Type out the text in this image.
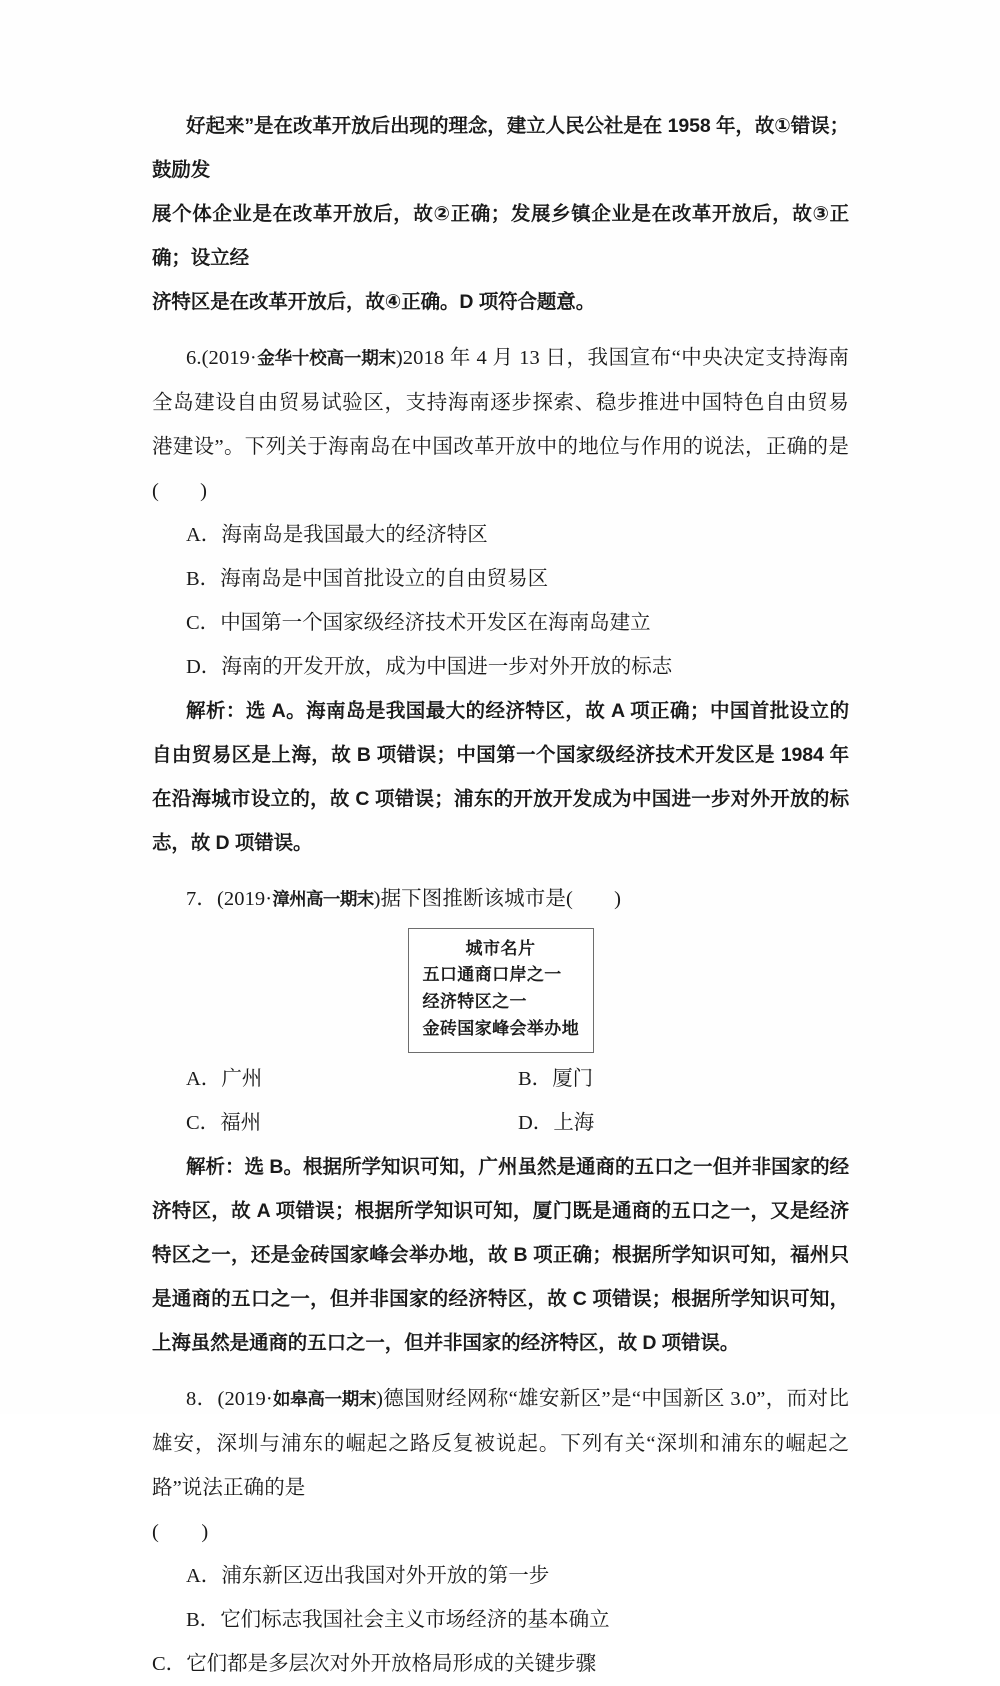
好起来”是在改革开放后出现的理念，建立人民公社是在 1958 年，故①错误；鼓励发

展个体企业是在改革开放后，故②正确；发展乡镇企业是在改革开放后，故③正确；设立经

济特区是在改革开放后，故④正确。D 项符合题意。

6.(2019·金华十校高一期末)2018 年 4 月 13 日，我国宣布“中央决定支持海南全岛建设自由贸易试验区，支持海南逐步探索、稳步推进中国特色自由贸易港建设”。下列关于海南岛在中国改革开放中的地位与作用的说法，正确的是(　　)

A．海南岛是我国最大的经济特区

B．海南岛是中国首批设立的自由贸易区

C．中国第一个国家级经济技术开发区在海南岛建立

D．海南的开发开放，成为中国进一步对外开放的标志

解析：选 A。海南岛是我国最大的经济特区，故 A 项正确；中国首批设立的自由贸易区是上海，故 B 项错误；中国第一个国家级经济技术开发区是 1984 年在沿海城市设立的，故 C 项错误；浦东的开放开发成为中国进一步对外开放的标志，故 D 项错误。

7．(2019·漳州高一期末)据下图推断该城市是(　　)

城市名片
五口通商口岸之一
经济特区之一
金砖国家峰会举办地
A．广州	B．厦门
C．福州	D．上海

解析：选 B。根据所学知识可知，广州虽然是通商的五口之一但并非国家的经济特区，故 A 项错误；根据所学知识可知，厦门既是通商的五口之一，又是经济特区之一，还是金砖国家峰会举办地，故 B 项正确；根据所学知识可知，福州只是通商的五口之一，但并非国家的经济特区，故 C 项错误；根据所学知识可知，上海虽然是通商的五口之一，但并非国家的经济特区，故 D 项错误。

8．(2019·如皋高一期末)德国财经网称“雄安新区”是“中国新区 3.0”，而对比雄安，深圳与浦东的崛起之路反复被说起。下列有关“深圳和浦东的崛起之路”说法正确的是

(　　)

A．浦东新区迈出我国对外开放的第一步

B．它们标志我国社会主义市场经济的基本确立

C．它们都是多层次对外开放格局形成的关键步骤
